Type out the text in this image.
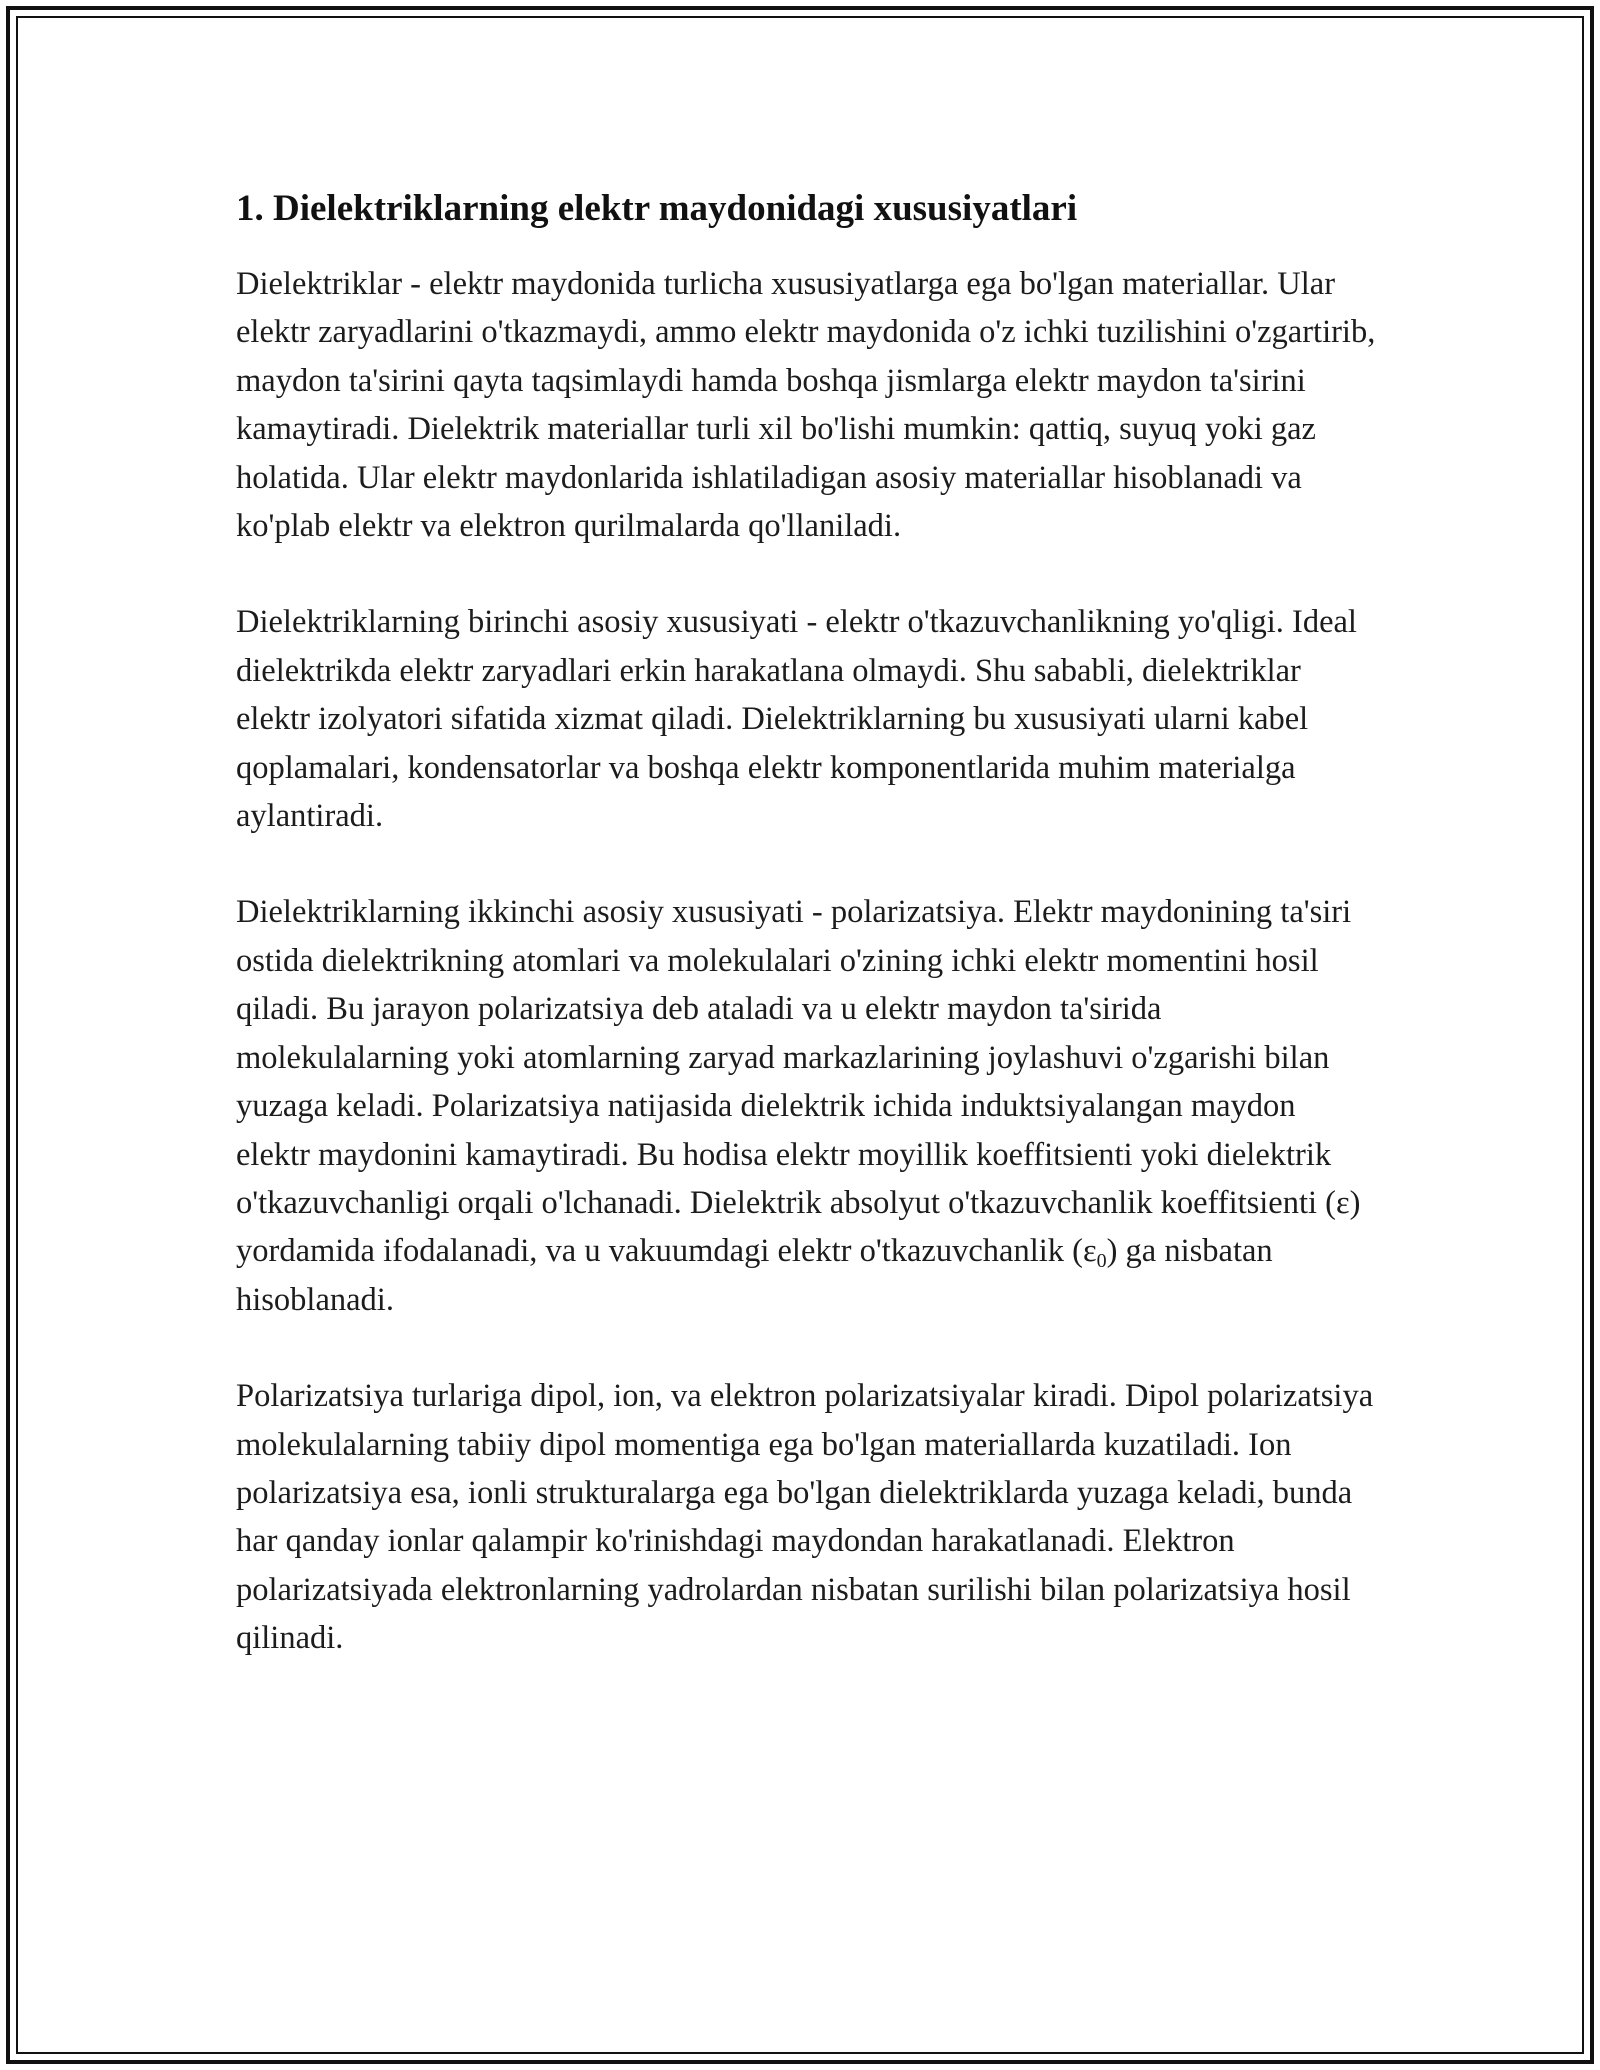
1. Dielektriklarning elektr maydonidagi xususiyatlari

Dielektriklar - elektr maydonida turlicha xususiyatlarga ega bo'lgan materiallar. Ular elektr zaryadlarini o'tkazmaydi, ammo elektr maydonida o'z ichki tuzilishini o'zgartirib, maydon ta'sirini qayta taqsimlaydi hamda boshqa jismlarga elektr maydon ta'sirini kamaytiradi. Dielektrik materiallar turli xil bo'lishi mumkin: qattiq, suyuq yoki gaz holatida. Ular elektr maydonlarida ishlatiladigan asosiy materiallar hisoblanadi va ko'plab elektr va elektron qurilmalarda qo'llaniladi.

Dielektriklarning birinchi asosiy xususiyati - elektr o'tkazuvchanlikning yo'qligi. Ideal dielektrikda elektr zaryadlari erkin harakatlana olmaydi. Shu sababli, dielektriklar elektr izolyatori sifatida xizmat qiladi. Dielektriklarning bu xususiyati ularni kabel qoplamalari, kondensatorlar va boshqa elektr komponentlarida muhim materialga aylantiradi.

Dielektriklarning ikkinchi asosiy xususiyati - polarizatsiya. Elektr maydonining ta'siri ostida dielektrikning atomlari va molekulalari o'zining ichki elektr momentini hosil qiladi. Bu jarayon polarizatsiya deb ataladi va u elektr maydon ta'sirida molekulalarning yoki atomlarning zaryad markazlarining joylashuvi o'zgarishi bilan yuzaga keladi. Polarizatsiya natijasida dielektrik ichida induktsiyalangan maydon elektr maydonini kamaytiradi. Bu hodisa elektr moyillik koeffitsienti yoki dielektrik o'tkazuvchanligi orqali o'lchanadi. Dielektrik absolyut o'tkazuvchanlik koeffitsienti (ε) yordamida ifodalanadi, va u vakuumdagi elektr o'tkazuvchanlik $(\varepsilon_0)$ ga nisbatan hisoblanadi.

Polarizatsiya turlariga dipol, ion, va elektron polarizatsiyalar kiradi. Dipol polarizatsiya molekulalarning tabiiy dipol momentiga ega bo'lgan materiallarda kuzatiladi. Ion polarizatsiya esa, ionli strukturalarga ega bo'lgan dielektriklarda yuzaga keladi, bunda har qanday ionlar qalampir ko'rinishdagi maydondan harakatlanadi. Elektron polarizatsiyada elektronlarning yadrolardan nisbatan surilishi bilan polarizatsiya hosil qilinadi.
